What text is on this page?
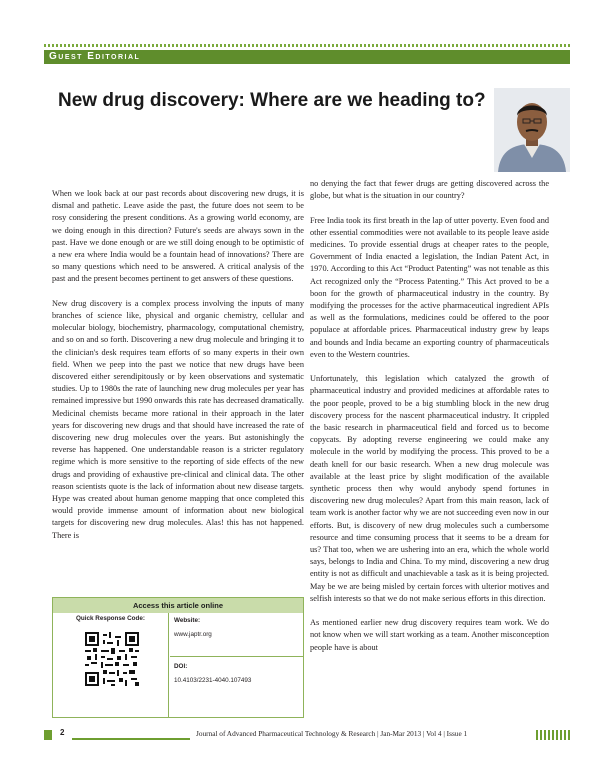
Guest Editorial
New drug discovery: Where are we heading to?

When we look back at our past records about discovering new drugs, it is dismal and pathetic. Leave aside the past, the future does not seem to be rosy considering the present conditions. As a growing world economy, are we doing enough in this direction? Future's seeds are always sown in the past. Have we done enough or are we still doing enough to be optimistic of a new era where India would be a fountain head of innovations? There are so many questions which need to be answered. A critical analysis of the past and the present becomes pertinent to get answers of these questions.

New drug discovery is a complex process involving the inputs of many branches of science like, physical and organic chemistry, cellular and molecular biology, biochemistry, pharmacology, computational chemistry, and so on and so forth. Discovering a new drug molecule and bringing it to the clinician's desk requires team efforts of so many experts in their own field. When we peep into the past we notice that new drugs have been discovered either serendipitously or by keen observations and systematic studies. Up to 1980s the rate of launching new drug molecules per year has remained impressive but 1990 onwards this rate has decreased dramatically. Medicinal chemists became more rational in their approach in the later years for discovering new drugs and that should have increased the rate of discovering new drug molecules over the years. But astonishingly the reverse has happened. One understandable reason is a stricter regulatory regime which is more sensitive to the reporting of side effects of the new drugs and providing of exhaustive pre-clinical and clinical data. The other reason scientists quote is the lack of information about new disease targets. Hype was created about human genome mapping that once completed this would provide immense amount of information about new biological targets for discovering new drug molecules. Alas! this has not happened. There is

no denying the fact that fewer drugs are getting discovered across the globe, but what is the situation in our country?

Free India took its first breath in the lap of utter poverty. Even food and other essential commodities were not available to its people leave aside medicines. To provide essential drugs at cheaper rates to the people, Government of India enacted a legislation, the Indian Patent Act, in 1970. According to this Act “Product Patenting” was not tenable as this Act recognized only the “Process Patenting.” This Act proved to be a boon for the growth of pharmaceutical industry in the country. By modifying the processes for the active pharmaceutical ingredient APIs as well as the formulations, medicines could be offered to the poor populace at affordable prices. Pharmaceutical industry grew by leaps and bounds and India became an exporting country of pharmaceuticals even to the Western countries.

Unfortunately, this legislation which catalyzed the growth of pharmaceutical industry and provided medicines at affordable rates to the poor people, proved to be a big stumbling block in the new drug discovery process for the nascent pharmaceutical industry. It crippled the basic research in pharmaceutical field and forced us to become copycats. By adopting reverse engineering we could make any molecule in the world by modifying the process. This proved to be a death knell for our basic research. When a new drug molecule was available at the least price by slight modification of the available synthetic process then why would anybody spend fortunes in discovering new drug molecules? Apart from this main reason, lack of team work is another factor why we are not succeeding even now in our efforts. But, is discovery of new drug molecules such a cumbersome resource and time consuming process that it seems to be a dream for us? That too, when we are ushering into an era, which the whole world says, belongs to India and China. To my mind, discovering a new drug entity is not as difficult and unachievable a task as it is being projected. May be we are being misled by certain forces with ulterior motives and selfish interests so that we do not make serious efforts in this direction.

As mentioned earlier new drug discovery requires team work. We do not know when we will start working as a team. Another misconception people have is about

Access this article online
Quick Response Code:	Website:
www.japtr.org
DOI:
10.4103/2231-4040.107493
2	Journal of Advanced Pharmaceutical Technology & Research | Jan-Mar 2013 | Vol 4 | Issue 1
